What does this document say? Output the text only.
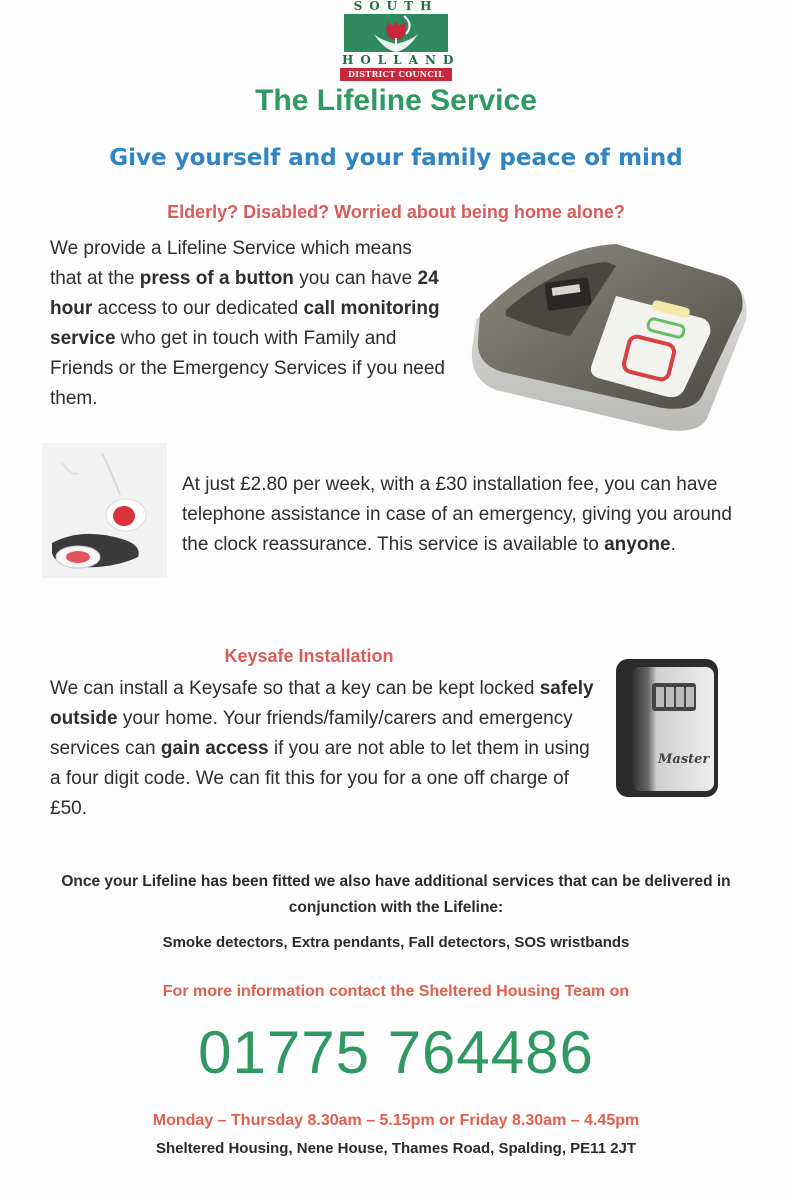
SOUTH
HOLLAND
DISTRICT COUNCIL
The Lifeline Service
Give yourself and your family peace of mind
Elderly? Disabled? Worried about being home alone?
We provide a Lifeline Service which means that at the press of a button you can have 24 hour access to our dedicated call monitoring service who get in touch with Family and Friends or the Emergency Services if you need them.
At just £2.80 per week, with a £30 installation fee, you can have telephone assistance in case of an emergency, giving you around the clock reassurance. This service is available to anyone.
Keysafe Installation
We can install a Keysafe so that a key can be kept locked safely outside your home. Your friends/family/carers and emergency services can gain access if you are not able to let them in using a four digit code. We can fit this for you for a one off charge of £50.
Master
Once your Lifeline has been fitted we also have additional services that can be delivered in conjunction with the Lifeline:
Smoke detectors, Extra pendants, Fall detectors, SOS wristbands
For more information contact the Sheltered Housing Team on
01775 764486
Monday – Thursday 8.30am – 5.15pm or Friday 8.30am – 4.45pm
Sheltered Housing, Nene House, Thames Road, Spalding, PE11 2JT
